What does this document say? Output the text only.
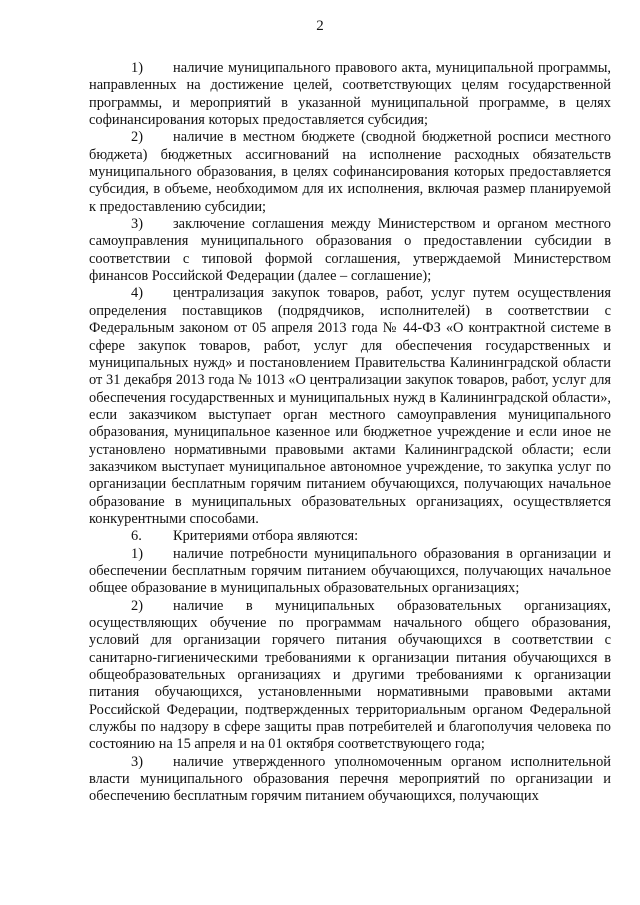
2

1) наличие муниципального правового акта, муниципальной программы, направленных на достижение целей, соответствующих целям государственной программы, и мероприятий в указанной муниципальной программе, в целях софинансирования которых предоставляется субсидия;

2) наличие в местном бюджете (сводной бюджетной росписи местного бюджета) бюджетных ассигнований на исполнение расходных обязательств муниципального образования, в целях софинансирования которых предоставляется субсидия, в объеме, необходимом для их исполнения, включая размер планируемой к предоставлению субсидии;

3) заключение соглашения между Министерством и органом местного самоуправления муниципального образования о предоставлении субсидии в соответствии с типовой формой соглашения, утверждаемой Министерством финансов Российской Федерации (далее – соглашение);

4) централизация закупок товаров, работ, услуг путем осуществления определения поставщиков (подрядчиков, исполнителей) в соответствии с Федеральным законом от 05 апреля 2013 года № 44-ФЗ «О контрактной системе в сфере закупок товаров, работ, услуг для обеспечения государственных и муниципальных нужд» и постановлением Правительства Калининградской области от 31 декабря 2013 года № 1013 «О централизации закупок товаров, работ, услуг для обеспечения государственных и муниципальных нужд в Калининградской области», если заказчиком выступает орган местного самоуправления муниципального образования, муниципальное казенное или бюджетное учреждение и если иное не установлено нормативными правовыми актами Калининградской области; если заказчиком выступает муниципальное автономное учреждение, то закупка услуг по организации бесплатным горячим питанием обучающихся, получающих начальное образование в муниципальных образовательных организациях, осуществляется конкурентными способами.

6. Критериями отбора являются:

1) наличие потребности муниципального образования в организации и обеспечении бесплатным горячим питанием обучающихся, получающих начальное общее образование в муниципальных образовательных организациях;

2) наличие в муниципальных образовательных организациях, осуществляющих обучение по программам начального общего образования, условий для организации горячего питания обучающихся в соответствии с санитарно-гигиеническими требованиями к организации питания обучающихся в общеобразовательных организациях и другими требованиями к организации питания обучающихся, установленными нормативными правовыми актами Российской Федерации, подтвержденных территориальным органом Федеральной службы по надзору в сфере защиты прав потребителей и благополучия человека по состоянию на 15 апреля и на 01 октября соответствующего года;

3) наличие утвержденного уполномоченным органом исполнительной власти муниципального образования перечня мероприятий по организации и обеспечению бесплатным горячим питанием обучающихся, получающих
